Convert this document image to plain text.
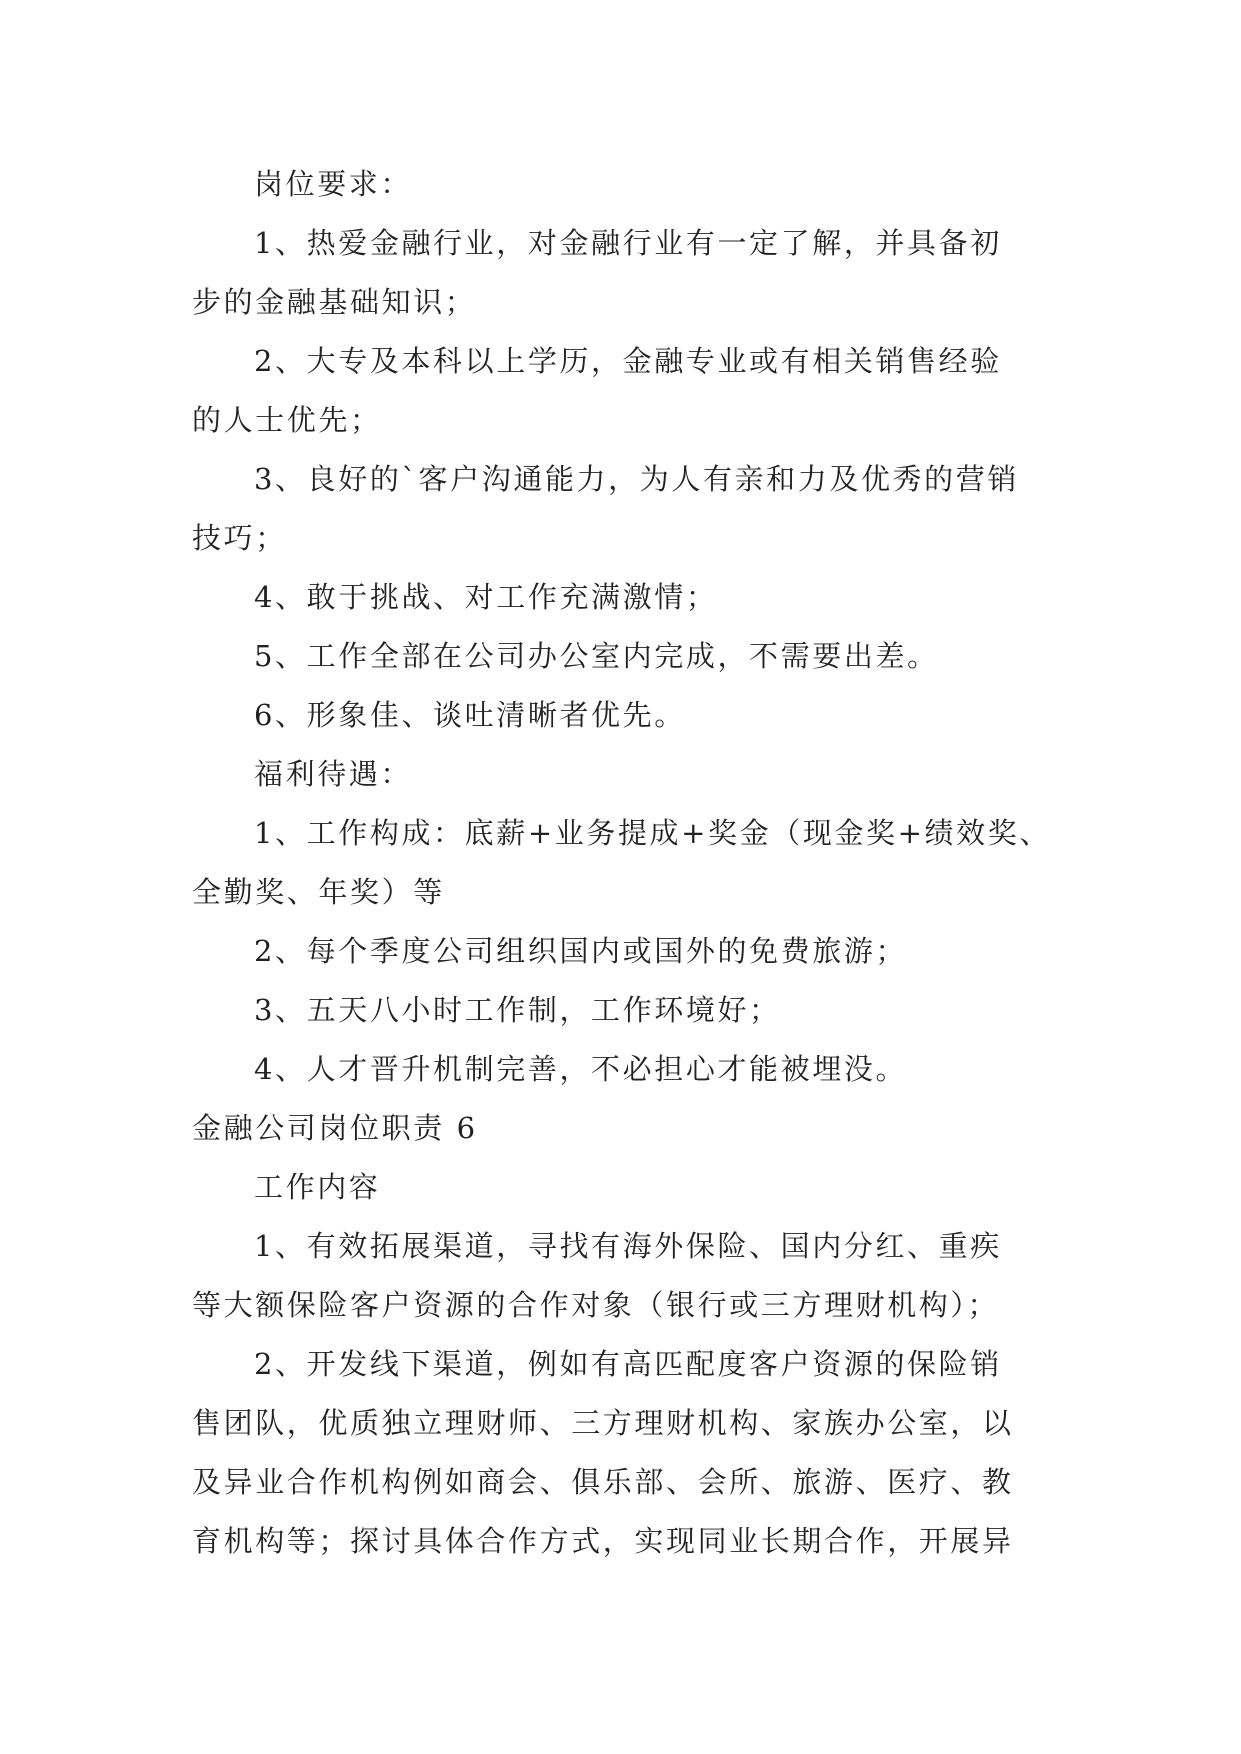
岗位要求：
1、热爱金融行业，对金融行业有一定了解，并具备初
步的金融基础知识；
2、大专及本科以上学历，金融专业或有相关销售经验
的人士优先；
3、良好的`客户沟通能力，为人有亲和力及优秀的营销
技巧；
4、敢于挑战、对工作充满激情；
5、工作全部在公司办公室内完成，不需要出差。
6、形象佳、谈吐清晰者优先。
福利待遇：
1、工作构成：底薪+业务提成+奖金（现金奖+绩效奖、
全勤奖、年奖）等
2、每个季度公司组织国内或国外的免费旅游；
3、五天八小时工作制，工作环境好；
4、人才晋升机制完善，不必担心才能被埋没。
金融公司岗位职责 6
工作内容
1、有效拓展渠道，寻找有海外保险、国内分红、重疾
等大额保险客户资源的合作对象（银行或三方理财机构）；
2、开发线下渠道，例如有高匹配度客户资源的保险销
售团队，优质独立理财师、三方理财机构、家族办公室，以
及异业合作机构例如商会、俱乐部、会所、旅游、医疗、教
育机构等；探讨具体合作方式，实现同业长期合作，开展异
